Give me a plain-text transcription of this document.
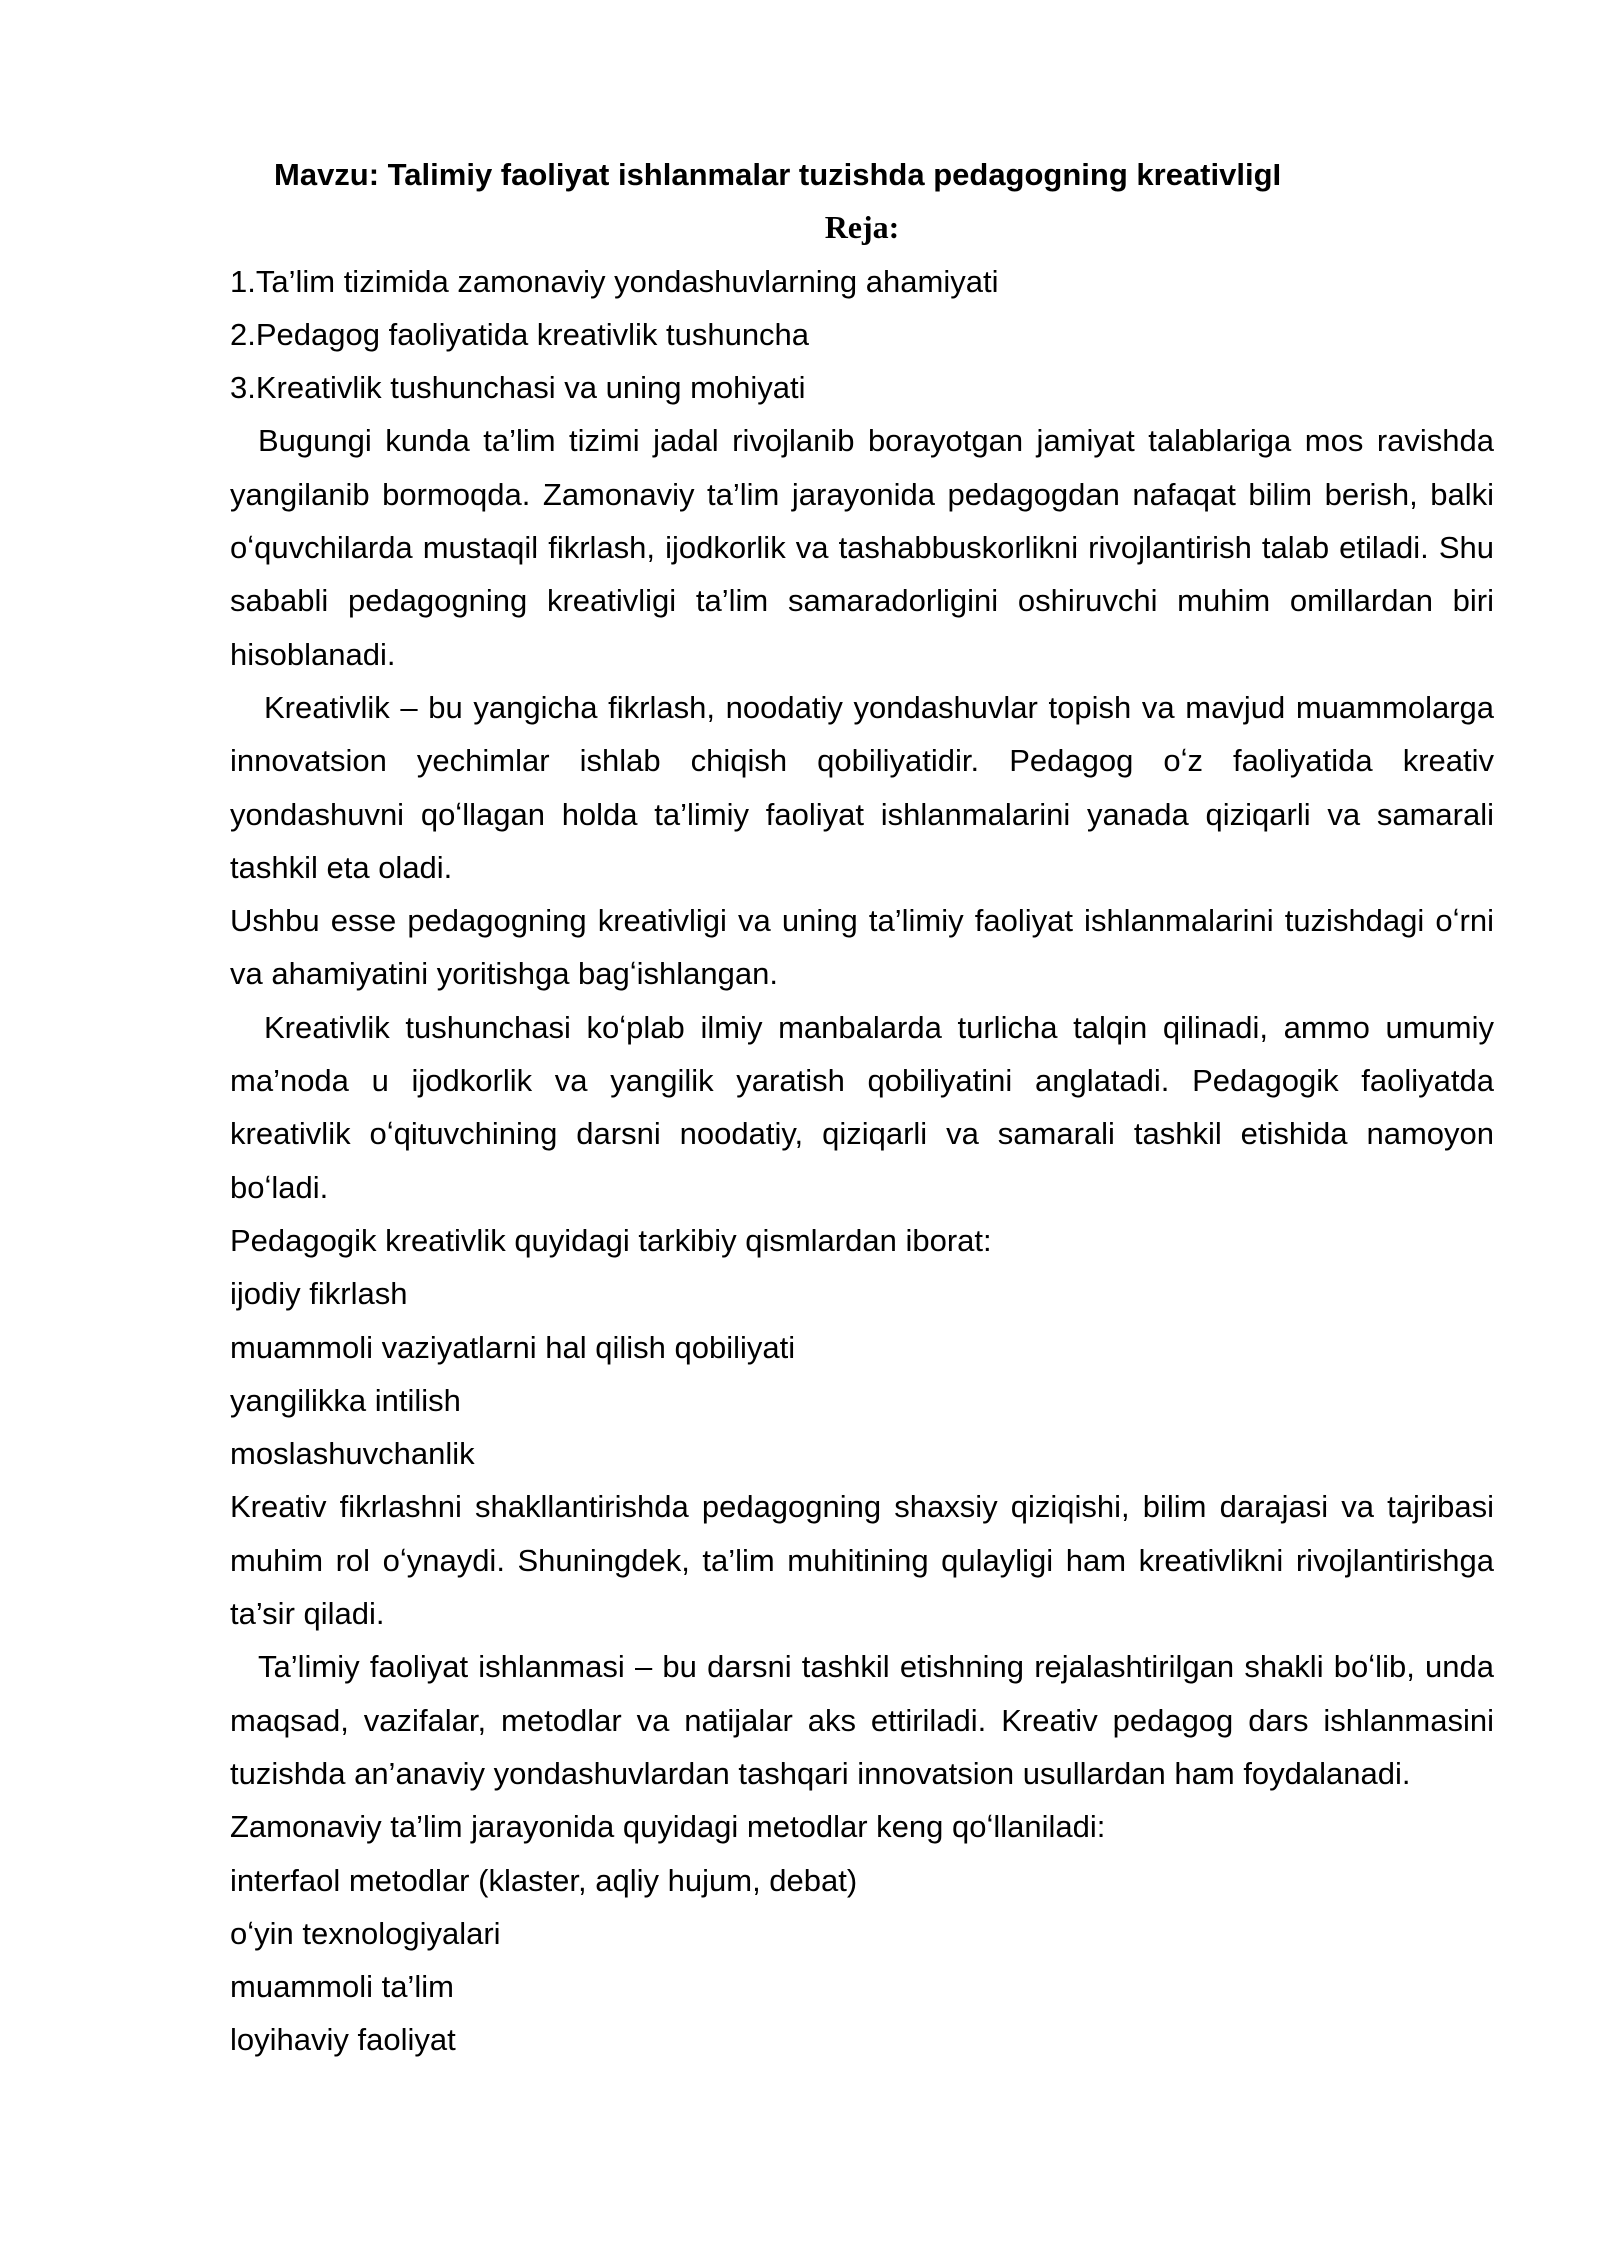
Mavzu: Talimiy faoliyat ishlanmalar tuzishda pedagogning kreativligI

Reja:

1.Ta’lim tizimida zamonaviy yondashuvlarning ahamiyati

2.Pedagog faoliyatida kreativlik tushuncha

3.Kreativlik tushunchasi va uning mohiyati

Bugungi kunda ta’lim tizimi jadal rivojlanib borayotgan jamiyat talablariga mos ravishda yangilanib bormoqda. Zamonaviy ta’lim jarayonida pedagogdan nafaqat bilim berish, balki oʻquvchilarda mustaqil fikrlash, ijodkorlik va tashabbuskorlikni rivojlantirish talab etiladi. Shu sababli pedagogning kreativligi ta’lim samaradorligini oshiruvchi muhim omillardan biri hisoblanadi.

Kreativlik – bu yangicha fikrlash, noodatiy yondashuvlar topish va mavjud muammolarga innovatsion yechimlar ishlab chiqish qobiliyatidir. Pedagog oʻz faoliyatida kreativ yondashuvni qoʻllagan holda ta’limiy faoliyat ishlanmalarini yanada qiziqarli va samarali tashkil eta oladi.

Ushbu esse pedagogning kreativligi va uning ta’limiy faoliyat ishlanmalarini tuzishdagi oʻrni va ahamiyatini yoritishga bagʻishlangan.

Kreativlik tushunchasi koʻplab ilmiy manbalarda turlicha talqin qilinadi, ammo umumiy ma’noda u ijodkorlik va yangilik yaratish qobiliyatini anglatadi. Pedagogik faoliyatda kreativlik oʻqituvchining darsni noodatiy, qiziqarli va samarali tashkil etishida namoyon boʻladi.

Pedagogik kreativlik quyidagi tarkibiy qismlardan iborat:

ijodiy fikrlash

muammoli vaziyatlarni hal qilish qobiliyati

yangilikka intilish

moslashuvchanlik

Kreativ fikrlashni shakllantirishda pedagogning shaxsiy qiziqishi, bilim darajasi va tajribasi muhim rol oʻynaydi. Shuningdek, ta’lim muhitining qulayligi ham kreativlikni rivojlantirishga ta’sir qiladi.

Ta’limiy faoliyat ishlanmasi – bu darsni tashkil etishning rejalashtirilgan shakli boʻlib, unda maqsad, vazifalar, metodlar va natijalar aks ettiriladi. Kreativ pedagog dars ishlanmasini tuzishda an’anaviy yondashuvlardan tashqari innovatsion usullardan ham foydalanadi.

Zamonaviy ta’lim jarayonida quyidagi metodlar keng qoʻllaniladi:

interfaol metodlar (klaster, aqliy hujum, debat)

oʻyin texnologiyalari

muammoli ta’lim

loyihaviy faoliyat
